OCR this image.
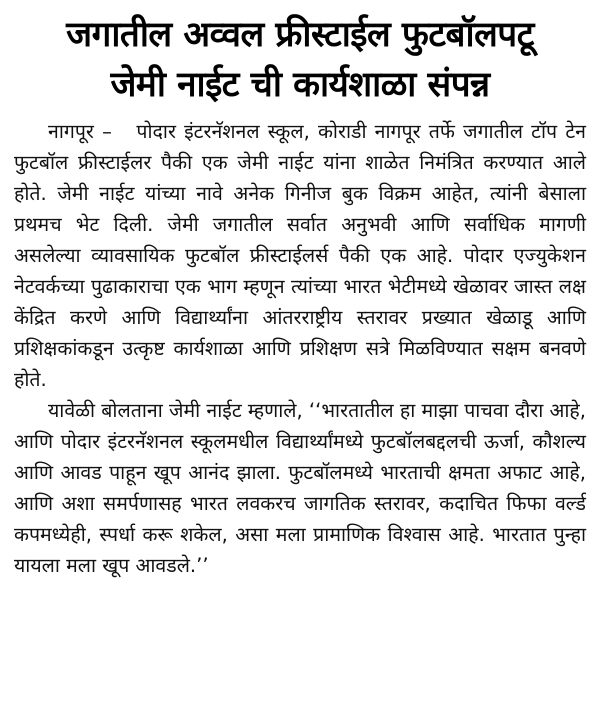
जगातील अव्वल फ्रीस्टाईल फुटबॉलपटू
जेमी नाईट ची कार्यशाळा संपन्न

नागपूर – पोदार इंटरनॅशनल स्कूल, कोराडी नागपूर तर्फे जगातील टॉप टेन फुटबॉल फ्रीस्टाईलर पैकी एक जेमी नाईट यांना शाळेत निमंत्रित करण्यात आले होते. जेमी नाईट यांच्या नावे अनेक गिनीज बुक विक्रम आहेत, त्यांनी बेसाला प्रथमच भेट दिली. जेमी जगातील सर्वात अनुभवी आणि सर्वाधिक मागणी असलेल्या व्यावसायिक फुटबॉल फ्रीस्टाईलर्स पैकी एक आहे. पोदार एज्युकेशन नेटवर्कच्या पुढाकाराचा एक भाग म्हणून त्यांच्या भारत भेटीमध्ये खेळावर जास्त लक्ष केंद्रित करणे आणि विद्यार्थ्यांना आंतरराष्ट्रीय स्तरावर प्रख्यात खेळाडू आणि प्रशिक्षकांकडून उत्कृष्ट कार्यशाळा आणि प्रशिक्षण सत्रे मिळविण्यात सक्षम बनवणे होते.

यावेळी बोलताना जेमी नाईट म्हणाले, ‘‘भारतातील हा माझा पाचवा दौरा आहे, आणि पोदार इंटरनॅशनल स्कूलमधील विद्यार्थ्यांमध्ये फुटबॉलबद्दलची ऊर्जा, कौशल्य आणि आवड पाहून खूप आनंद झाला. फुटबॉलमध्ये भारताची क्षमता अफाट आहे, आणि अशा समर्पणासह भारत लवकरच जागतिक स्तरावर, कदाचित फिफा वर्ल्ड कपमध्येही, स्पर्धा करू शकेल, असा मला प्रामाणिक विश्वास आहे. भारतात पुन्हा यायला मला खूप आवडले.’’
